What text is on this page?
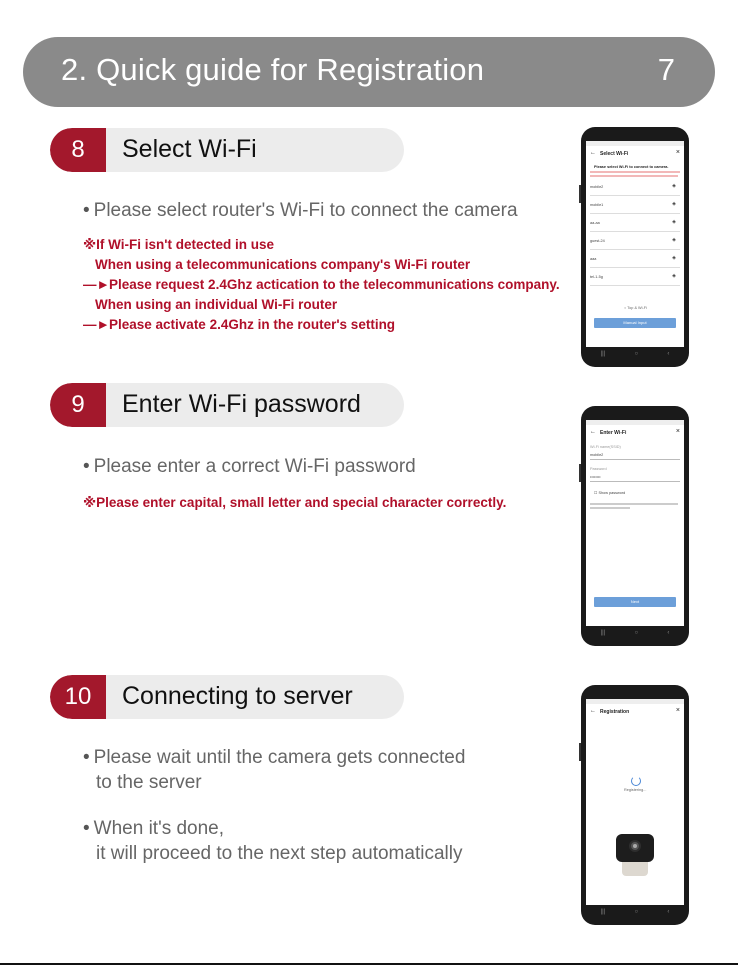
2. Quick guide for Registration	7
8	Select Wi-Fi
• Please select router's Wi-Fi to connect the camera
※If Wi-Fi isn't detected in use
When using a telecommunications company's Wi-Fi router
—►Please request 2.4Ghz actication to the telecommunications company.
When using an individual Wi-Fi router
—►Please activate 2.4Ghz in the router's setting
9	Enter Wi-Fi password
• Please enter a correct Wi-Fi password
※Please enter capital, small letter and special character correctly.
10	Connecting to server
• Please wait until the camera gets connected
to the server
• When it's done,
it will proceed to the next step automatically
← Select Wi-Fi	×
Please select Wi-Fi to connect to camera.
mobile2	◈
mobile1	◈
aa-aa	◈
guest-24	◈
aaa	◈
tel-1-5g	◈
○ Top & Wi-Fi
Manual Input
|||	○	‹
← Enter Wi-Fi	×
Wi-Fi name(SSID)
mobile2
Password
••••••••
☐ Show password
Next
|||	○	‹
← Registration	×
Registering...
|||	○	‹
